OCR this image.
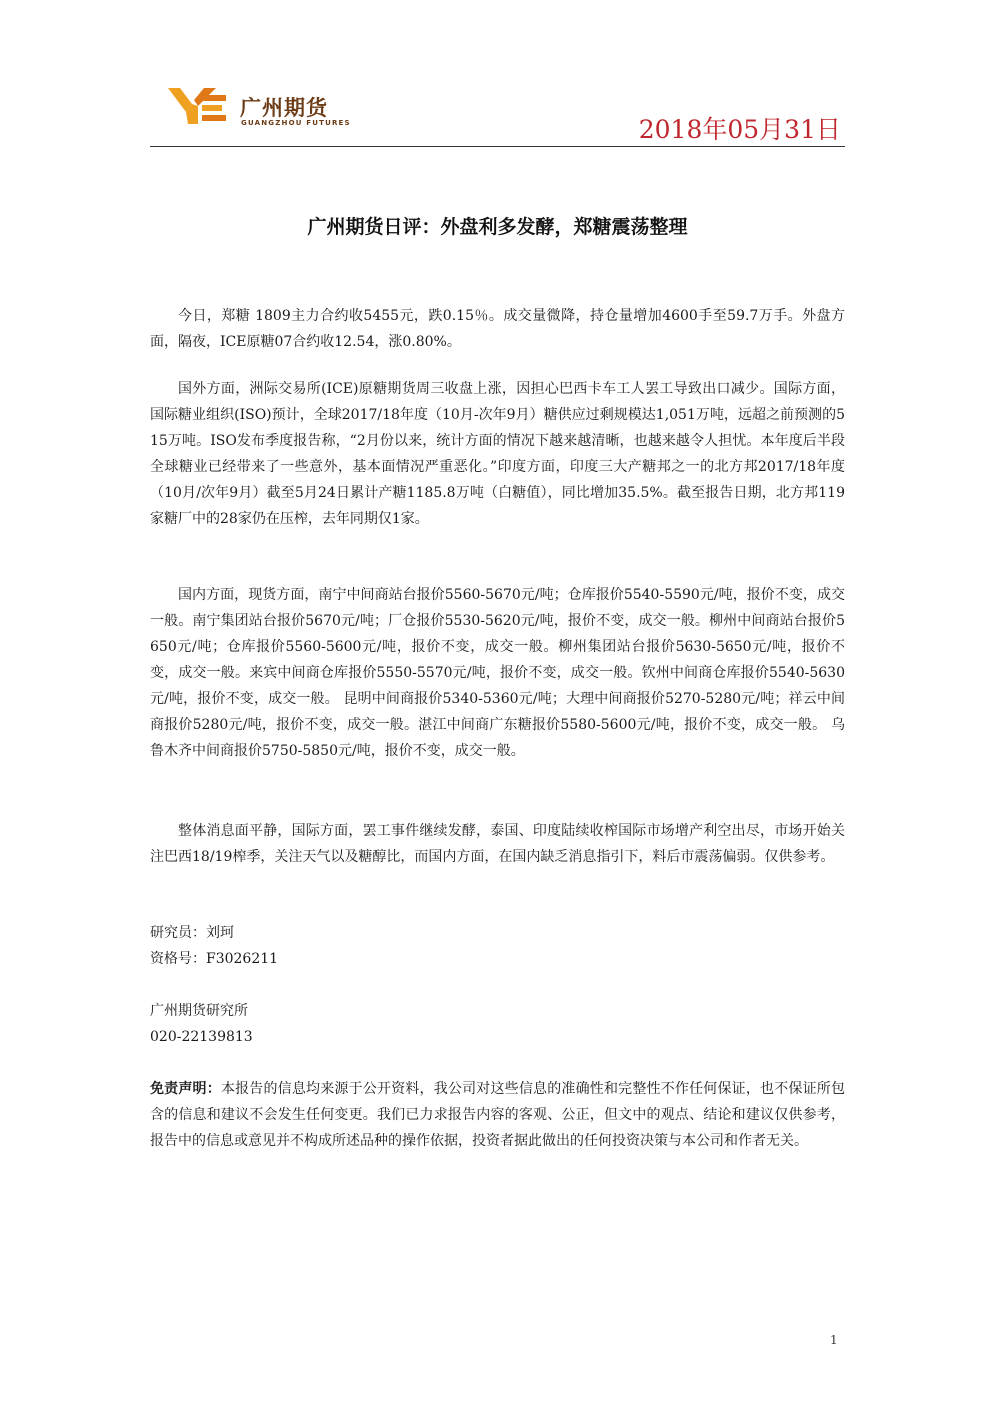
广州期货
GUANGZHOU FUTURES	2018年05月31日
广州期货日评：外盘利多发酵，郑糖震荡整理

今日，郑糖 1809主力合约收5455元，跌0.15％。成交量微降，持仓量增加4600手至59.7万手。外盘方面，隔夜，ICE原糖07合约收12.54，涨0.80%。

国外方面，洲际交易所(ICE)原糖期货周三收盘上涨，因担心巴西卡车工人罢工导致出口减少。国际方面，国际糖业组织(ISO)预计，全球2017/18年度（10月-次年9月）糖供应过剩规模达1,051万吨，远超之前预测的515万吨。ISO发布季度报告称，“2月份以来，统计方面的情况下越来越清晰，也越来越令人担忧。本年度后半段全球糖业已经带来了一些意外，基本面情况严重恶化。”印度方面，印度三大产糖邦之一的北方邦2017/18年度（10月/次年9月）截至5月24日累计产糖1185.8万吨（白糖值），同比增加35.5%。截至报告日期，北方邦119家糖厂中的28家仍在压榨，去年同期仅1家。

国内方面，现货方面，南宁中间商站台报价5560-5670元/吨；仓库报价5540-5590元/吨，报价不变，成交一般。南宁集团站台报价5670元/吨；厂仓报价5530-5620元/吨，报价不变，成交一般。柳州中间商站台报价5650元/吨；仓库报价5560-5600元/吨，报价不变，成交一般。柳州集团站台报价5630-5650元/吨，报价不变，成交一般。来宾中间商仓库报价5550-5570元/吨，报价不变，成交一般。钦州中间商仓库报价5540-5630元/吨，报价不变，成交一般。 昆明中间商报价5340-5360元/吨；大理中间商报价5270-5280元/吨；祥云中间商报价5280元/吨，报价不变，成交一般。湛江中间商广东糖报价5580-5600元/吨，报价不变，成交一般。 乌鲁木齐中间商报价5750-5850元/吨，报价不变，成交一般。

整体消息面平静，国际方面，罢工事件继续发酵，泰国、印度陆续收榨国际市场增产利空出尽，市场开始关注巴西18/19榨季，关注天气以及糖醇比，而国内方面，在国内缺乏消息指引下，料后市震荡偏弱。仅供参考。

研究员：刘珂
资格号：F3026211
广州期货研究所
020-22139813

免责声明：本报告的信息均来源于公开资料，我公司对这些信息的准确性和完整性不作任何保证，也不保证所包含的信息和建议不会发生任何变更。我们已力求报告内容的客观、公正，但文中的观点、结论和建议仅供参考，报告中的信息或意见并不构成所述品种的操作依据，投资者据此做出的任何投资决策与本公司和作者无关。

1
